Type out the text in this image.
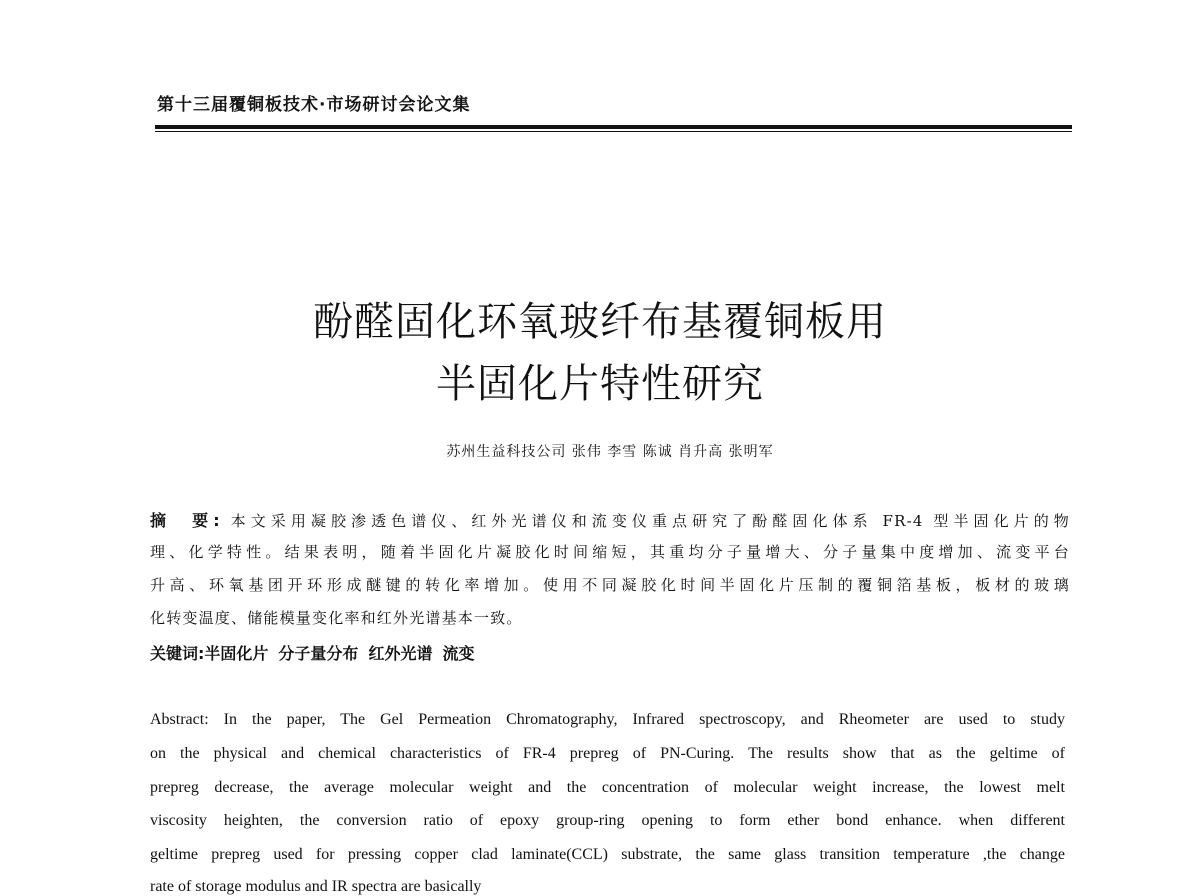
第十三届覆铜板技术·市场研讨会论文集
酚醛固化环氧玻纤布基覆铜板用
半固化片特性研究
苏州生益科技公司 张伟 李雪 陈诚 肖升高 张明军
摘　要: 本文采用凝胶渗透色谱仪、红外光谱仪和流变仪重点研究了酚醛固化体系 FR-4 型半固化片的物
理、化学特性。结果表明，随着半固化片凝胶化时间缩短，其重均分子量增大、分子量集中度增加、流变平台
升高、环氧基团开环形成醚键的转化率增加。使用不同凝胶化时间半固化片压制的覆铜箔基板，板材的玻璃
化转变温度、储能模量变化率和红外光谱基本一致。
关键词:半固化片 分子量分布 红外光谱 流变
Abstract: In the paper, The Gel Permeation Chromatography, Infrared spectroscopy, and Rheometer are used to study
on the physical and chemical characteristics of FR-4 prepreg of PN-Curing. The results show that as the geltime of
prepreg decrease, the average molecular weight and the concentration of molecular weight increase, the lowest melt
viscosity heighten, the conversion ratio of epoxy group-ring opening to form ether bond enhance. when different
geltime prepreg used for pressing copper clad laminate(CCL) substrate, the same glass transition temperature ,the change
rate of storage modulus and IR spectra are basically
